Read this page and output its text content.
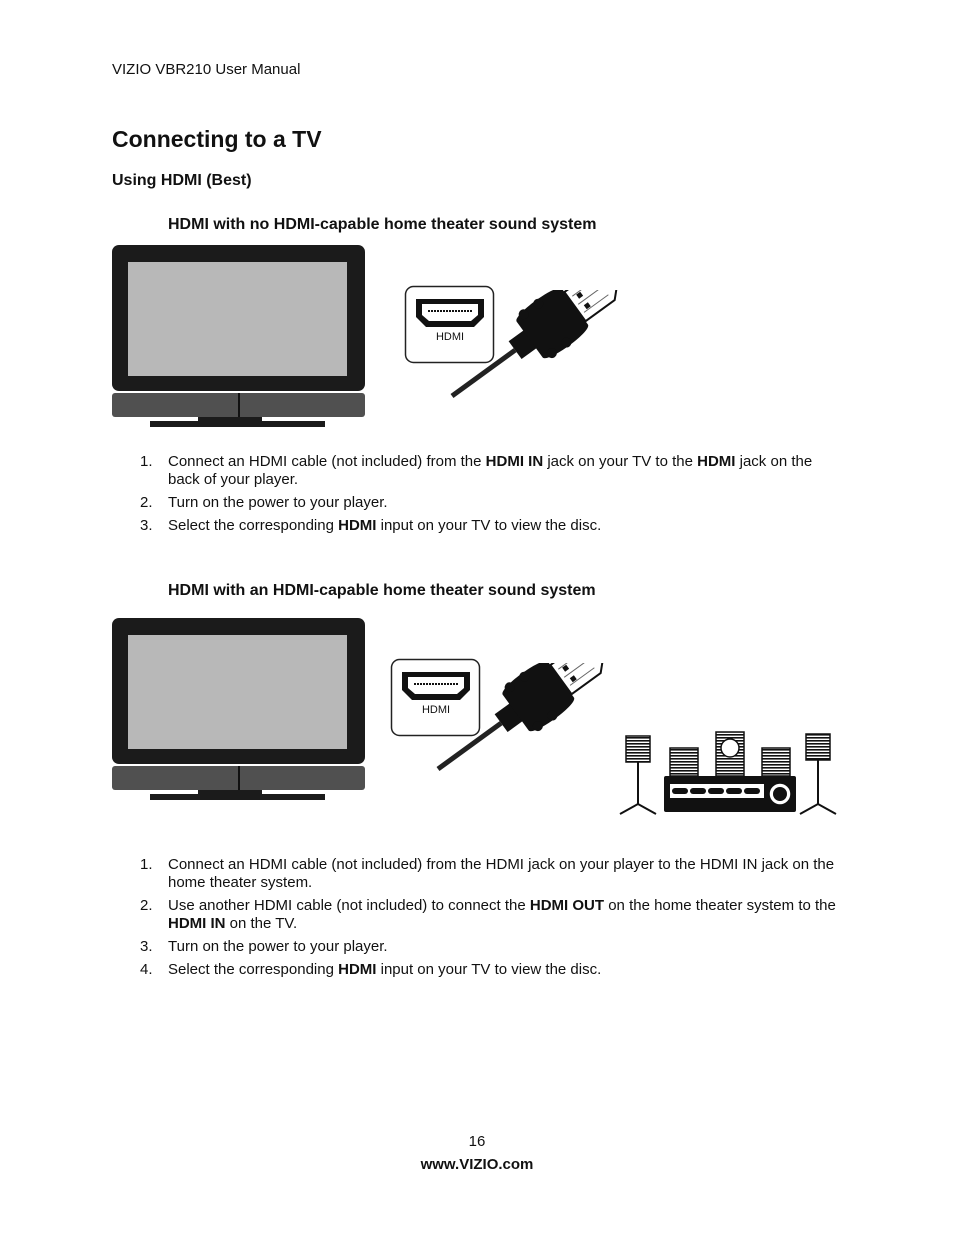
VIZIO VBR210 User Manual
Connecting to a TV
Using HDMI (Best)
HDMI with no HDMI-capable home theater sound system
HDMI
1. Connect an HDMI cable (not included) from the HDMI IN jack on your TV to the HDMI jack on the back of your player.
2. Turn on the power to your player.
3. Select the corresponding HDMI input on your TV to view the disc.
HDMI with an HDMI-capable home theater sound system
HDMI
1. Connect an HDMI cable (not included) from the HDMI jack on your player to the HDMI IN jack on the home theater system.
2. Use another HDMI cable (not included) to connect the HDMI OUT on the home theater system to the HDMI IN on the TV.
3. Turn on the power to your player.
4. Select the corresponding HDMI input on your TV to view the disc.
16
www.VIZIO.com
